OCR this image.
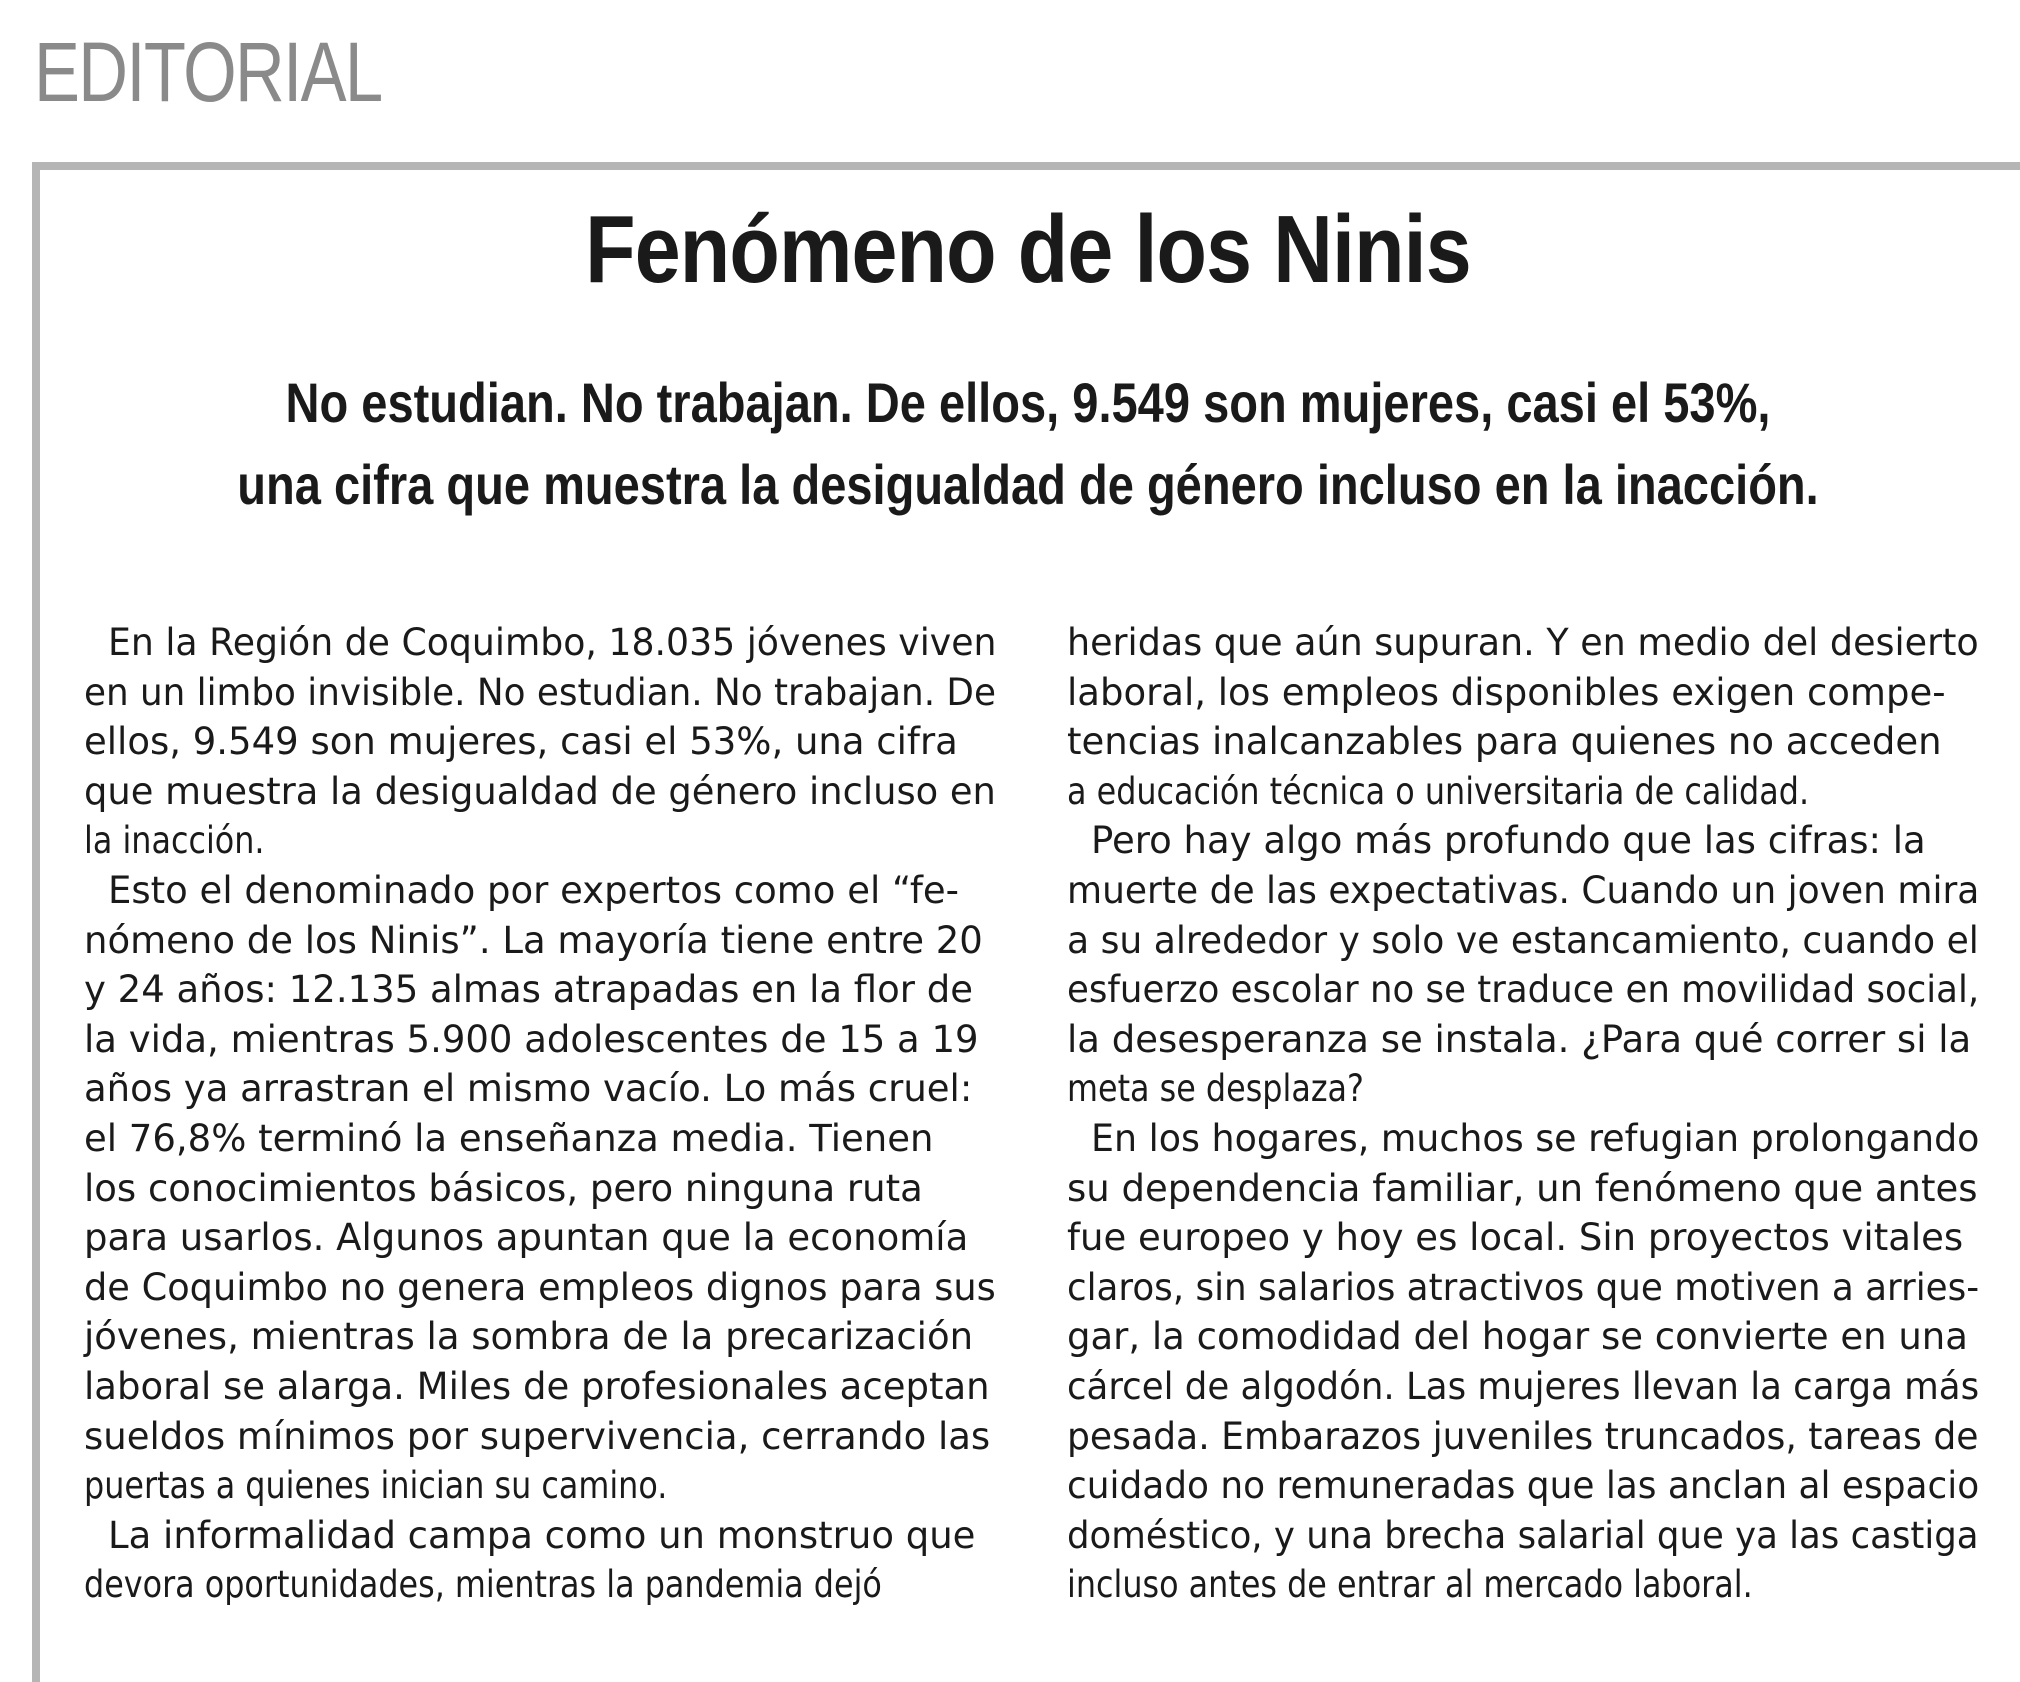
EDITORIAL
Fenómeno de los Ninis
No estudian. No trabajan. De ellos, 9.549 son mujeres, casi el 53%,
una cifra que muestra la desigualdad de género incluso en la inacción.
En la Región de Coquimbo, 18.035 jóvenes viven
en un limbo invisible. No estudian. No trabajan. De
ellos, 9.549 son mujeres, casi el 53%, una cifra
que muestra la desigualdad de género incluso en
la inacción.
Esto el denominado por expertos como el “fe-
nómeno de los Ninis”. La mayoría tiene entre 20
y 24 años: 12.135 almas atrapadas en la flor de
la vida, mientras 5.900 adolescentes de 15 a 19
años ya arrastran el mismo vacío. Lo más cruel:
el 76,8% terminó la enseñanza media. Tienen
los conocimientos básicos, pero ninguna ruta
para usarlos. Algunos apuntan que la economía
de Coquimbo no genera empleos dignos para sus
jóvenes, mientras la sombra de la precarización
laboral se alarga. Miles de profesionales aceptan
sueldos mínimos por supervivencia, cerrando las
puertas a quienes inician su camino.
La informalidad campa como un monstruo que
devora oportunidades, mientras la pandemia dejó
heridas que aún supuran. Y en medio del desierto
laboral, los empleos disponibles exigen compe-
tencias inalcanzables para quienes no acceden
a educación técnica o universitaria de calidad.
Pero hay algo más profundo que las cifras: la
muerte de las expectativas. Cuando un joven mira
a su alrededor y solo ve estancamiento, cuando el
esfuerzo escolar no se traduce en movilidad social,
la desesperanza se instala. ¿Para qué correr si la
meta se desplaza?
En los hogares, muchos se refugian prolongando
su dependencia familiar, un fenómeno que antes
fue europeo y hoy es local. Sin proyectos vitales
claros, sin salarios atractivos que motiven a arries-
gar, la comodidad del hogar se convierte en una
cárcel de algodón. Las mujeres llevan la carga más
pesada. Embarazos juveniles truncados, tareas de
cuidado no remuneradas que las anclan al espacio
doméstico, y una brecha salarial que ya las castiga
incluso antes de entrar al mercado laboral.
